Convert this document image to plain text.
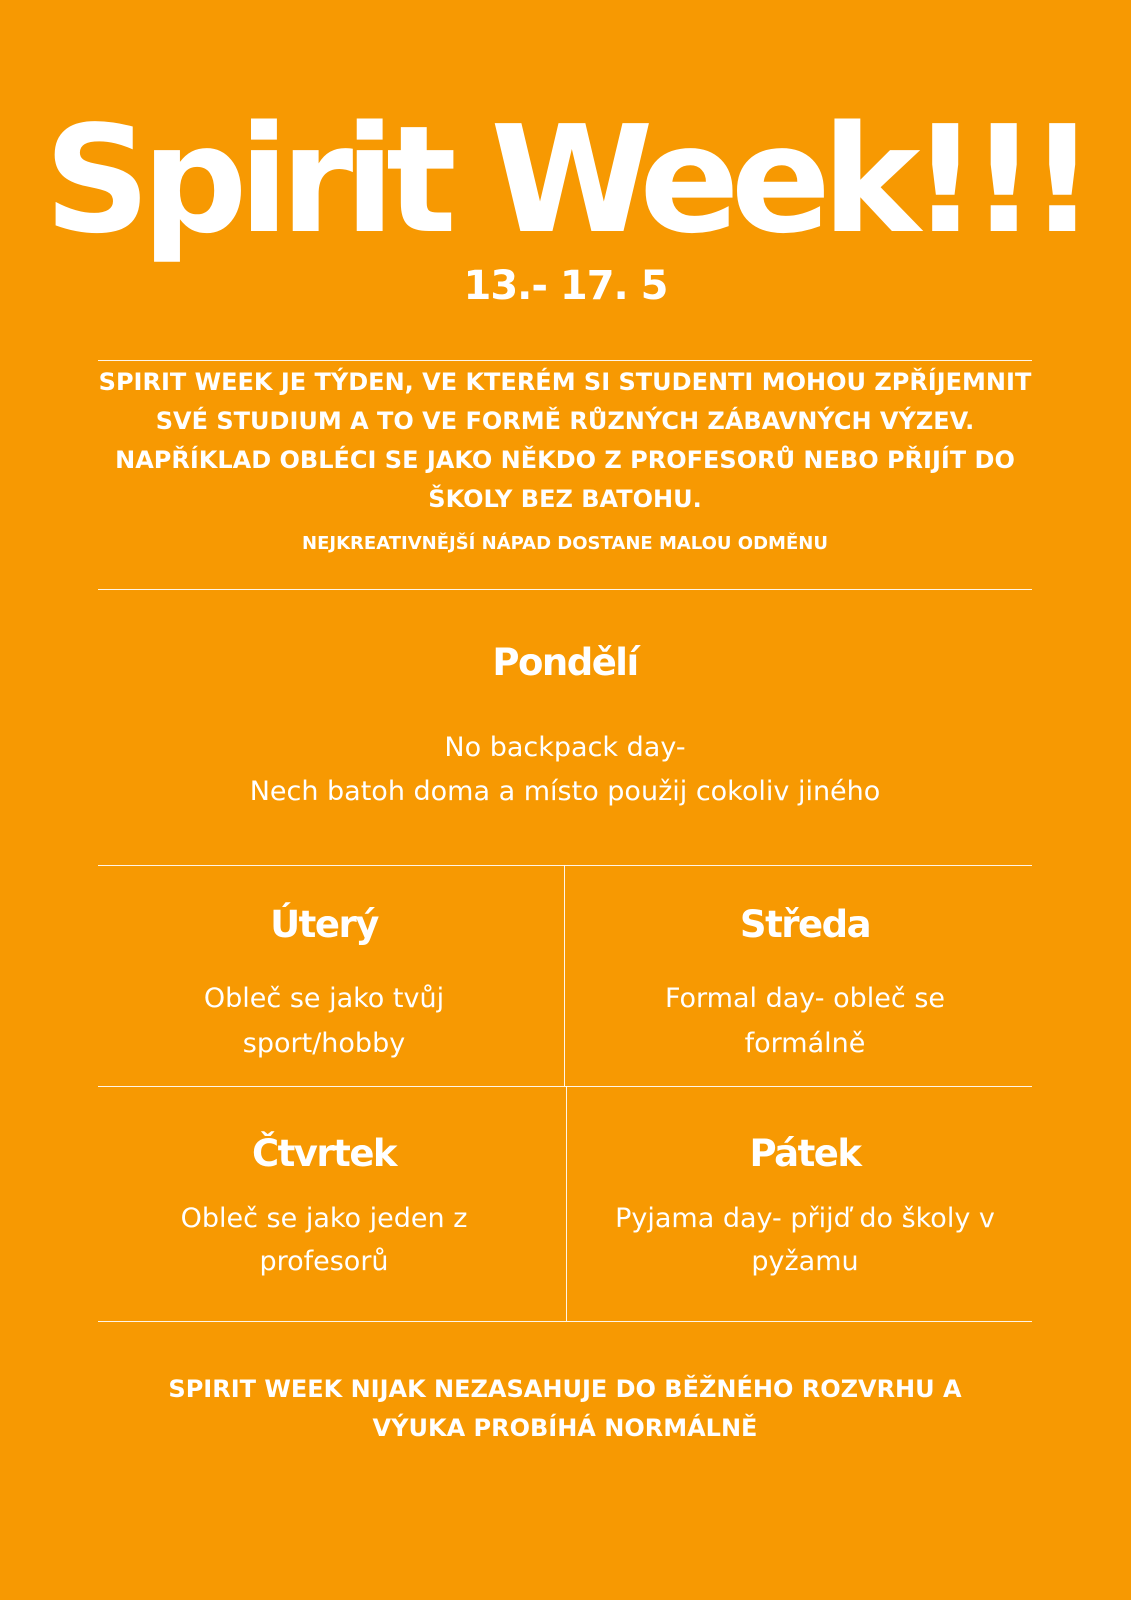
Spirit Week!!!
13.- 17. 5

SPIRIT WEEK JE TÝDEN, VE KTERÉM SI STUDENTI MOHOU ZPŘÍJEMNIT SVÉ STUDIUM A TO VE FORMĚ RŮZNÝCH ZÁBAVNÝCH VÝZEV. NAPŘÍKLAD OBLÉCI SE JAKO NĚKDO Z PROFESORŮ NEBO PŘIJÍT DO ŠKOLY BEZ BATOHU.

NEJKREATIVNĚJŠÍ NÁPAD DOSTANE MALOU ODMĚNU
Pondělí
No backpack day-
Nech batoh doma a místo použij cokoliv jiného
Úterý
Obleč se jako tvůj
sport/hobby
Středa
Formal day- obleč se
formálně
Čtvrtek
Obleč se jako jeden z
profesorů
Pátek
Pyjama day- přijď do školy v
pyžamu
SPIRIT WEEK NIJAK NEZASAHUJE DO BĚŽNÉHO ROZVRHU A
VÝUKA PROBÍHÁ NORMÁLNĚ
